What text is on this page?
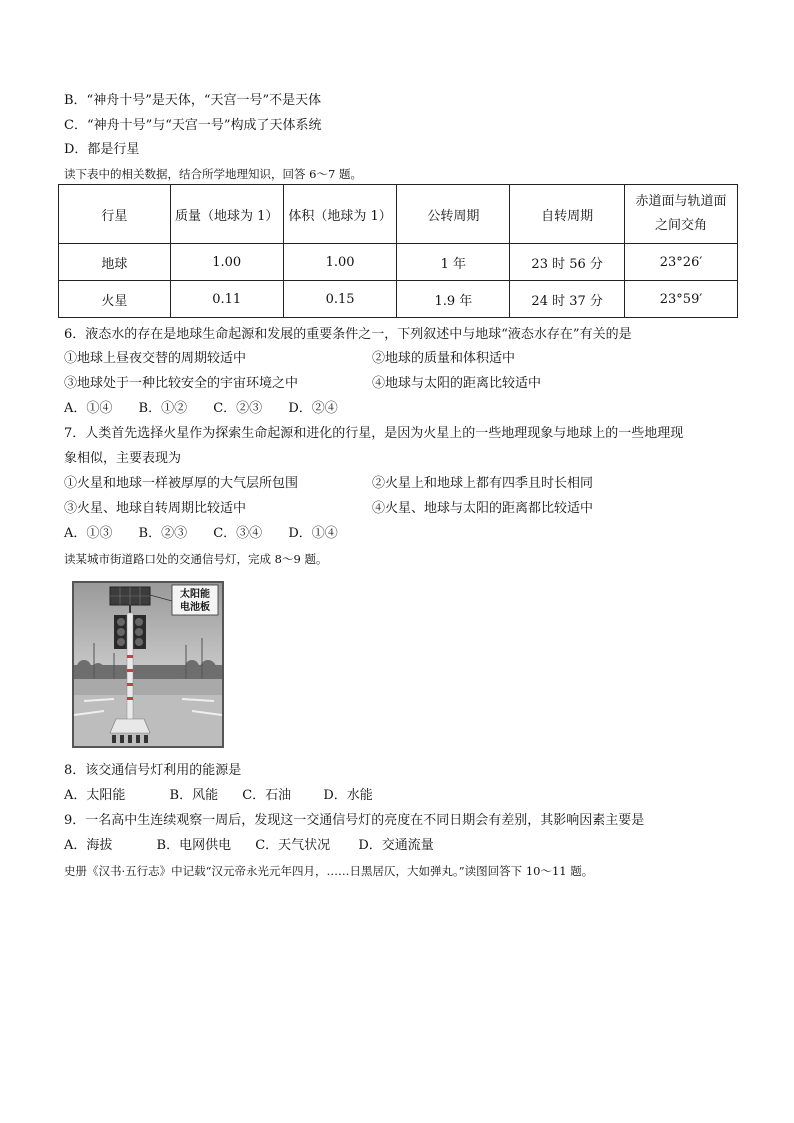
B．“神舟十号”是天体，“天宫一号”不是天体
C．“神舟十号”与“天宫一号”构成了天体系统
D．都是行星
读下表中的相关数据，结合所学地理知识，回答 6～7 题。
行星	质量（地球为 1）	体积（地球为 1）	公转周期	自转周期	赤道面与轨道面
之间交角

地球	1.00	1.00	1 年	23 时 56 分	23°26′
火星	0.11	0.15	1.9 年	24 时 37 分	23°59′
6．液态水的存在是地球生命起源和发展的重要条件之一，下列叙述中与地球“液态水存在”有关的是
①地球上昼夜交替的周期较适中	②地球的质量和体积适中
③地球处于一种比较安全的宇宙环境之中	④地球与太阳的距离比较适中
A．①④ B．①② C．②③ D．②④
7．人类首先选择火星作为探索生命起源和进化的行星，是因为火星上的一些地理现象与地球上的一些地理现
象相似，主要表现为
①火星和地球一样被厚厚的大气层所包围	②火星上和地球上都有四季且时长相同
③火星、地球自转周期比较适中	④火星、地球与太阳的距离都比较适中
A．①③ B．②③ C．③④ D．①④
读某城市街道路口处的交通信号灯，完成 8～9 题。
太阳能
电池板
8．该交通信号灯利用的能源是
A．太阳能	B．风能 C．石油 D．水能
9．一名高中生连续观察一周后，发现这一交通信号灯的亮度在不同日期会有差别，其影响因素主要是
A．海拔	B．电网供电 C．天气状况 D．交通流量
史册《汉书·五行志》中记载“汉元帝永光元年四月，……日黑居仄，大如弹丸。”读图回答下 10～11 题。
